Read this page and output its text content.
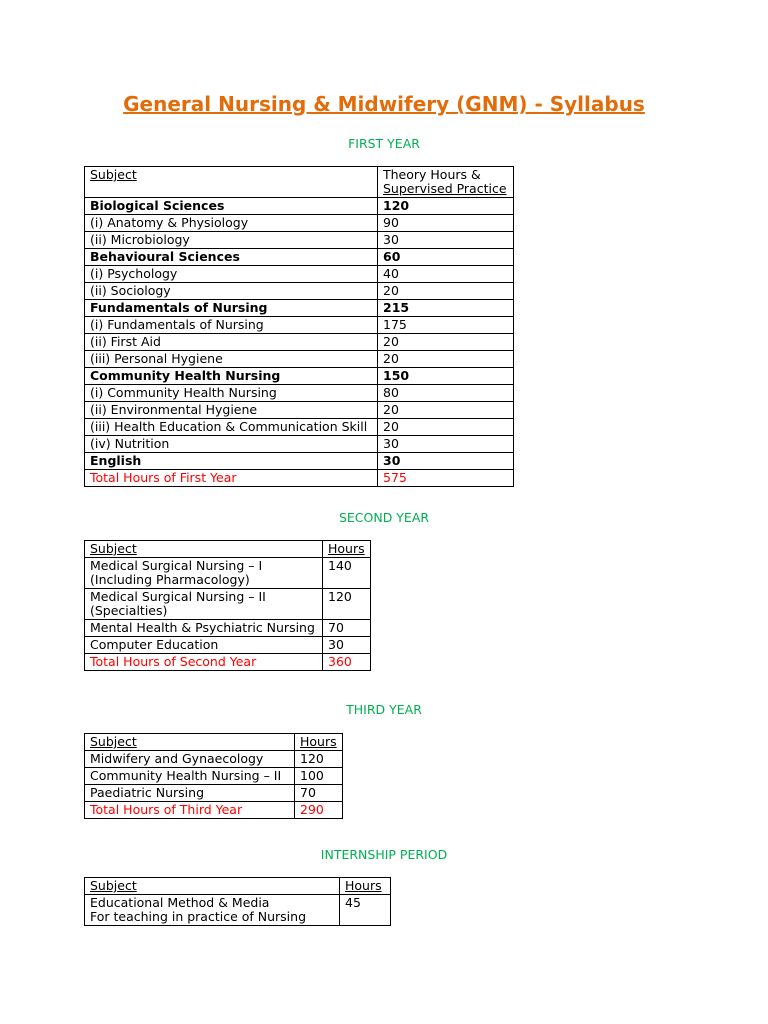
General Nursing & Midwifery (GNM) - Syllabus

FIRST YEAR

Subject	Theory Hours &
Supervised Practice
Biological Sciences	120
(i) Anatomy & Physiology	90
(ii) Microbiology	30
Behavioural Sciences	60
(i) Psychology	40
(ii) Sociology	20
Fundamentals of Nursing	215
(i) Fundamentals of Nursing	175
(ii) First Aid	20
(iii) Personal Hygiene	20
Community Health Nursing	150
(i) Community Health Nursing	80
(ii) Environmental Hygiene	20
(iii) Health Education & Communication Skill	20
(iv) Nutrition	30
English	30
Total Hours of First Year	575

SECOND YEAR

Subject	Hours
Medical Surgical Nursing – I
(Including Pharmacology)	140
Medical Surgical Nursing – II
(Specialties)	120
Mental Health & Psychiatric Nursing	70
Computer Education	30
Total Hours of Second Year	360

THIRD YEAR

Subject	Hours
Midwifery and Gynaecology	120
Community Health Nursing – II	100
Paediatric Nursing	70
Total Hours of Third Year	290

INTERNSHIP PERIOD

Subject	Hours
Educational Method & Media
For teaching in practice of Nursing	45
